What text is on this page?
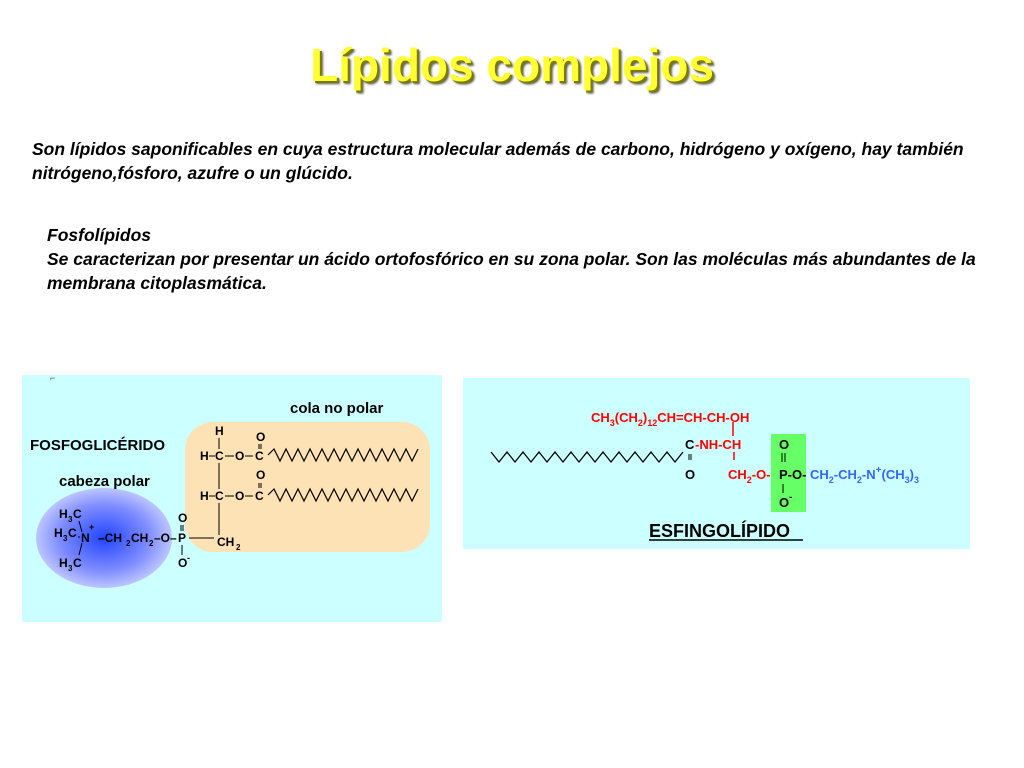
Lípidos complejos
Son lípidos saponificables en cuya estructura molecular además de carbono, hidrógeno y oxígeno, hay también nitrógeno,fósforo, azufre o un glúcido.
Fosfolípidos
Se caracterizan por presentar un ácido ortofosfórico en su zona polar. Son las moléculas más abundantes de la membrana citoplasmática.
⌐
cola no polar
FOSFOGLICÉRIDO
cabeza polar
H
H C O C
O
H C O C
O
CH 2
H 3 C
H 3 C
H 3 C
N
+
–CH 2 CH 2 –O– P
O
O -
$CH_3(CH_2)_{12}CH=CH-CH-OH$
C -NH-CH
O	$CH_2-O-$ P-O-
O
O -
$CH_2-CH_2-N^+(CH_3)_3$
ESFINGOLÍPIDO
